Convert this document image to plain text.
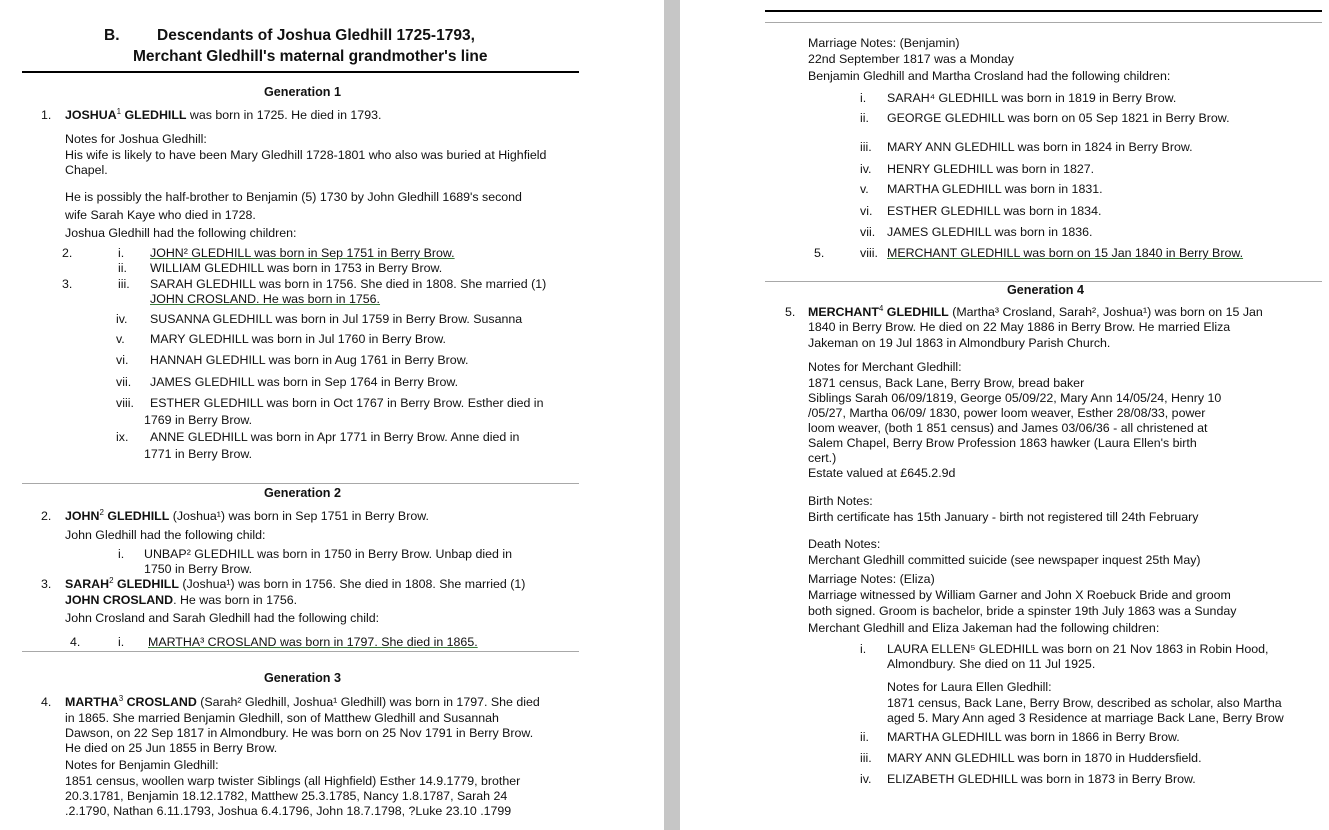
B. Descendants of Joshua Gledhill 1725-1793,
Merchant Gledhill's maternal grandmother's line
Generation 1
1. JOSHUA$^1$ GLEDHILL was born in 1725. He died in 1793.
Notes for Joshua Gledhill:
His wife is likely to have been Mary Gledhill 1728-1801 who also was buried at Highfield
Chapel.
He is possibly the half-brother to Benjamin (5) 1730 by John Gledhill 1689's second
wife Sarah Kaye who died in 1728.
Joshua Gledhill had the following children:
2.	i. JOHN² GLEDHILL was born in Sep 1751 in Berry Brow.
ii. WILLIAM GLEDHILL was born in 1753 in Berry Brow.
3.	iii. SARAH GLEDHILL was born in 1756. She died in 1808. She married (1)
JOHN CROSLAND. He was born in 1756.
iv. SUSANNA GLEDHILL was born in Jul 1759 in Berry Brow. Susanna
v. MARY GLEDHILL was born in Jul 1760 in Berry Brow.
vi. HANNAH GLEDHILL was born in Aug 1761 in Berry Brow.
vii. JAMES GLEDHILL was born in Sep 1764 in Berry Brow.
viii. ESTHER GLEDHILL was born in Oct 1767 in Berry Brow. Esther died in
1769 in Berry Brow.
ix. ANNE GLEDHILL was born in Apr 1771 in Berry Brow. Anne died in
1771 in Berry Brow.
Generation 2
2. JOHN$^2$ GLEDHILL (Joshua¹) was born in Sep 1751 in Berry Brow.
John Gledhill had the following child:
i. UNBAP² GLEDHILL was born in 1750 in Berry Brow. Unbap died in
1750 in Berry Brow.
3. SARAH$^2$ GLEDHILL (Joshua¹) was born in 1756. She died in 1808. She married (1)
JOHN CROSLAND. He was born in 1756.
John Crosland and Sarah Gledhill had the following child:
4.	i. MARTHA³ CROSLAND was born in 1797. She died in 1865.
Generation 3
4. MARTHA$^3$ CROSLAND (Sarah² Gledhill, Joshua¹ Gledhill) was born in 1797. She died
in 1865. She married Benjamin Gledhill, son of Matthew Gledhill and Susannah
Dawson, on 22 Sep 1817 in Almondbury. He was born on 25 Nov 1791 in Berry Brow.
He died on 25 Jun 1855 in Berry Brow.
Notes for Benjamin Gledhill:
1851 census, woollen warp twister Siblings (all Highfield) Esther 14.9.1779, brother
20.3.1781, Benjamin 18.12.1782, Matthew 25.3.1785, Nancy 1.8.1787, Sarah 24
.2.1790, Nathan 6.11.1793, Joshua 6.4.1796, John 18.7.1798, ?Luke 23.10 .1799
Marriage Notes: (Benjamin)
22nd September 1817 was a Monday
Benjamin Gledhill and Martha Crosland had the following children:
i. SARAH⁴ GLEDHILL was born in 1819 in Berry Brow.
ii. GEORGE GLEDHILL was born on 05 Sep 1821 in Berry Brow.
iii. MARY ANN GLEDHILL was born in 1824 in Berry Brow.
iv. HENRY GLEDHILL was born in 1827.
v. MARTHA GLEDHILL was born in 1831.
vi. ESTHER GLEDHILL was born in 1834.
vii. JAMES GLEDHILL was born in 1836.
5.	viii. MERCHANT GLEDHILL was born on 15 Jan 1840 in Berry Brow.
Generation 4
5. MERCHANT$^4$ GLEDHILL (Martha³ Crosland, Sarah², Joshua¹) was born on 15 Jan
1840 in Berry Brow. He died on 22 May 1886 in Berry Brow. He married Eliza
Jakeman on 19 Jul 1863 in Almondbury Parish Church.
Notes for Merchant Gledhill:
1871 census, Back Lane, Berry Brow, bread baker
Siblings Sarah 06/09/1819, George 05/09/22, Mary Ann 14/05/24, Henry 10
/05/27, Martha 06/09/ 1830, power loom weaver, Esther 28/08/33, power
loom weaver, (both 1 851 census) and James 03/06/36 - all christened at
Salem Chapel, Berry Brow Profession 1863 hawker (Laura Ellen's birth
cert.)
Estate valued at £645.2.9d
Birth Notes:
Birth certificate has 15th January - birth not registered till 24th February
Death Notes:
Merchant Gledhill committed suicide (see newspaper inquest 25th May)
Marriage Notes: (Eliza)
Marriage witnessed by William Garner and John X Roebuck Bride and groom
both signed. Groom is bachelor, bride a spinster 19th July 1863 was a Sunday
Merchant Gledhill and Eliza Jakeman had the following children:
i. LAURA ELLEN⁵ GLEDHILL was born on 21 Nov 1863 in Robin Hood,
Almondbury. She died on 11 Jul 1925.
Notes for Laura Ellen Gledhill:
1871 census, Back Lane, Berry Brow, described as scholar, also Martha
aged 5. Mary Ann aged 3 Residence at marriage Back Lane, Berry Brow
ii. MARTHA GLEDHILL was born in 1866 in Berry Brow.
iii. MARY ANN GLEDHILL was born in 1870 in Huddersfield.
iv. ELIZABETH GLEDHILL was born in 1873 in Berry Brow.
